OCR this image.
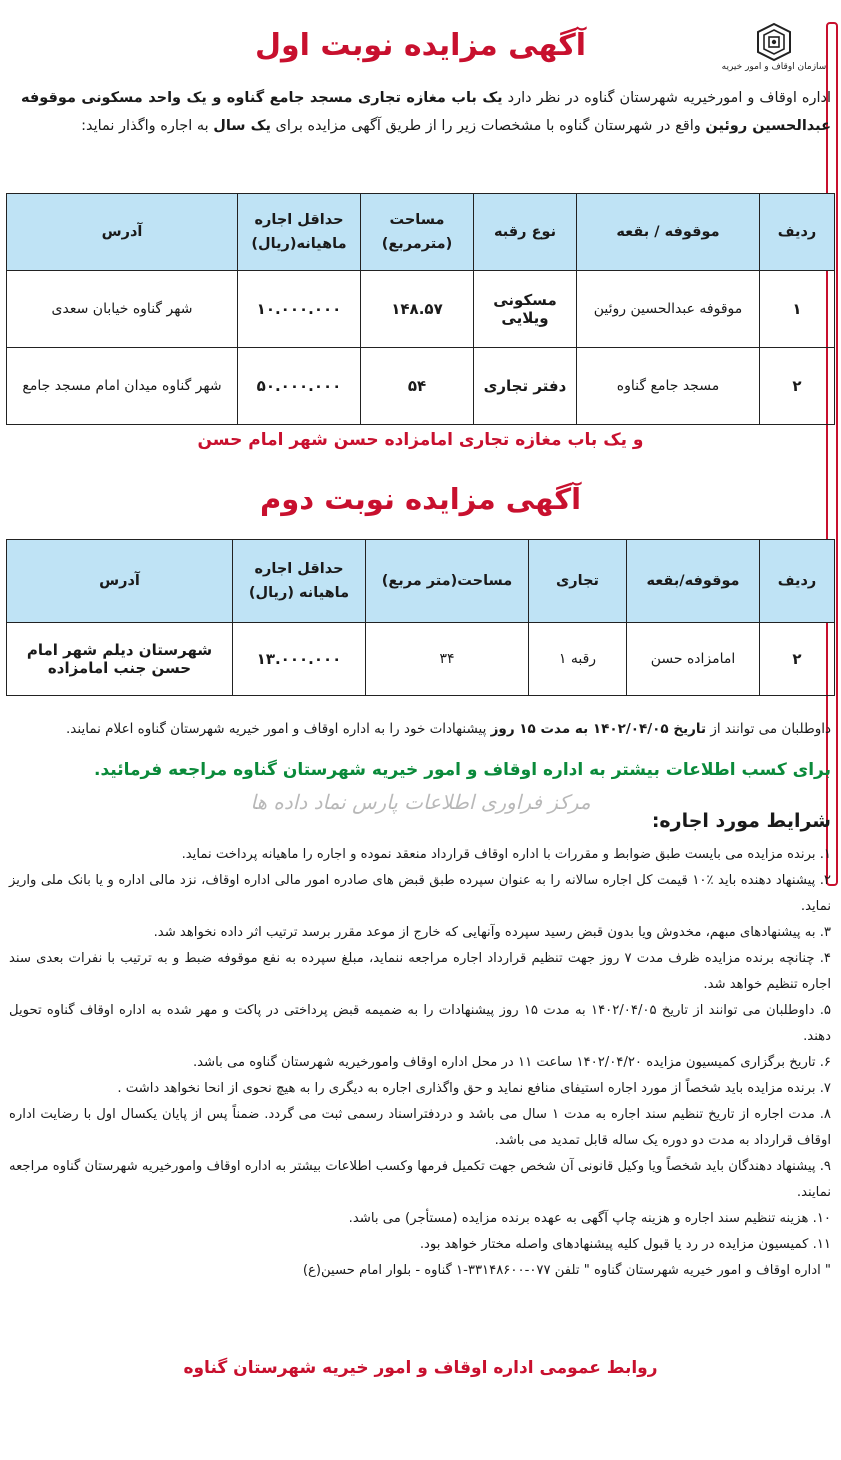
سازمان اوقاف و امور خیریه
آگهی مزایده نوبت اول
اداره اوقاف و امورخیریه شهرستان گناوه در نظر دارد یک باب مغازه تجاری مسجد جامع گناوه و یک واحد مسکونی موقوفه عبدالحسین روئین واقع در شهرستان گناوه با مشخصات زیر را از طریق آگهی مزایده برای یک سال به اجاره واگذار نماید:
ردیف	موقوفه / بقعه	نوع رقبه	مساحت (مترمربع)	حداقل اجاره ماهیانه(ریال)	آدرس
۱	موقوفه عبدالحسین روئین	مسکونی ویلایی	۱۴۸.۵۷	۱۰.۰۰۰.۰۰۰	شهر گناوه خیابان سعدی
۲	مسجد جامع گناوه	دفتر تجاری	۵۴	۵۰.۰۰۰.۰۰۰	شهر گناوه میدان امام مسجد جامع
و یک باب مغازه تجاری امامزاده حسن شهر امام حسن
آگهی مزایده نوبت دوم
ردیف	موقوفه/بقعه	تجاری	مساحت(متر مربع)	حداقل اجاره ماهیانه (ریال)	آدرس
۲	امامزاده حسن	رقبه ۱	۳۴	۱۳.۰۰۰.۰۰۰	شهرستان دیلم شهر امام حسن جنب امامزاده
داوطلبان می توانند از تاریخ ۱۴۰۲/۰۴/۰۵ به مدت ۱۵ روز پیشنهادات خود را به اداره اوقاف و امور خیریه شهرستان گناوه اعلام نمایند.
برای کسب اطلاعات بیشتر به اداره اوقاف و امور خیریه شهرستان گناوه مراجعه فرمائید.
مرکز فراوری اطلاعات پارس نماد داده ها
شرایط مورد اجاره:

۱. برنده مزایده می بایست طبق ضوابط و مقررات با اداره اوقاف قرارداد منعقد نموده و اجاره را ماهیانه پرداخت نماید.

۲. پیشنهاد دهنده باید ٪۱۰ قیمت کل اجاره سالانه را به عنوان سپرده طبق قبض های صادره امور مالی اداره اوقاف، نزد مالی اداره و یا بانک ملی واریز نماید.

۳. به پیشنهادهای مبهم، مخدوش ویا بدون قبض رسید سپرده وآنهایی که خارج از موعد مقرر برسد ترتیب اثر داده نخواهد شد.

۴. چنانچه برنده مزایده ظرف مدت ۷ روز جهت تنظیم قرارداد اجاره مراجعه ننماید، مبلغ سپرده به نفع موقوفه ضبط و به ترتیب با نفرات بعدی سند اجاره تنظیم خواهد شد.

۵. داوطلبان می توانند از تاریخ ۱۴۰۲/۰۴/۰۵ به مدت ۱۵ روز پیشنهادات را به ضمیمه قبض پرداختی در پاکت و مهر شده به اداره اوقاف گناوه تحویل دهند.

۶. تاریخ برگزاری کمیسیون مزایده ۱۴۰۲/۰۴/۲۰ ساعت ۱۱ در محل اداره اوقاف وامورخیریه شهرستان گناوه می باشد.

۷. برنده مزایده باید شخصاً از مورد اجاره استیفای منافع نماید و حق واگذاری اجاره به دیگری را به هیچ نحوی از انحا نخواهد داشت .

۸. مدت اجاره از تاریخ تنظیم سند اجاره به مدت ۱ سال می باشد و دردفتراسناد رسمی ثبت می گردد. ضمناً پس از پایان یکسال اول با رضایت اداره اوقاف قرارداد به مدت دو دوره یک ساله قابل تمدید می باشد.

۹. پیشنهاد دهندگان باید شخصاً ویا وکیل قانونی آن شخص جهت تکمیل فرمها وکسب اطلاعات بیشتر به اداره اوقاف وامورخیریه شهرستان گناوه مراجعه نمایند.

۱۰. هزینه تنظیم سند اجاره و هزینه چاپ آگهی به عهده برنده مزایده (مستأجر) می باشد.

۱۱. کمیسیون مزایده در رد یا قبول کلیه پیشنهادهای واصله مختار خواهد بود.

" اداره اوقاف و امور خیریه شهرستان گناوه " تلفن ۰۷۷-۳۳۱۴۸۶۰۰-۱ گناوه - بلوار امام حسین(ع)

روابط عمومی اداره اوقاف و امور خیریه شهرستان گناوه
